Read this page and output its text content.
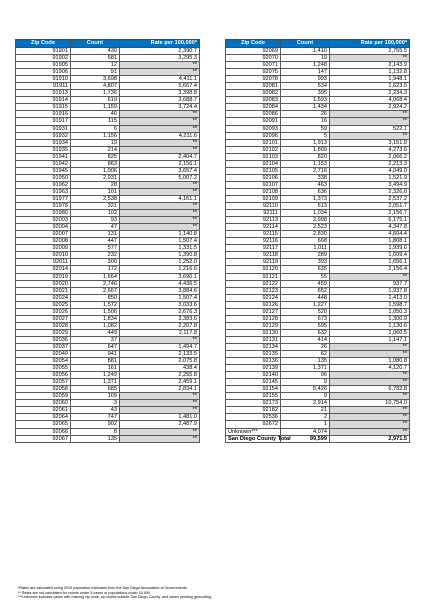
Zip Code	Count	Rate per 100,000*
91901	430	2,390.7
91902	581	3,295.3
91905	12	**
91906	91	**
91910	3,698	4,411.1
91911	4,807	5,667.4
91913	1,736	3,398.8
91914	619	3,688.7
91915	1,159	3,724.4
91916	40	**
91917	115	**
91931	6	**
91932	1,156	4,211.6
91934	19	**
91935	214	**
91941	825	2,404.7
91942	863	2,156.1
91945	1,006	3,657.4
91950	2,931	5,007.2
91962	28	**
91963	101	**
91977	2,538	4,161.1
91978	321	**
91980	102	**
92003	93	**
92004	47	**
92007	131	1,140.8
92008	447	1,507.4
92009	577	1,331.5
92010	232	1,390.8
92011	300	1,252.0
92014	172	1,216.6
92019	1,664	3,690.1
92020	2,746	4,436.5
92021	2,667	3,884.6
92024	850	1,507.4
92025	1,572	3,033.6
92026	1,506	2,676.3
92027	1,834	3,383.6
92028	1,082	2,207.8
92029	449	2,117.8
92036	37	**
92037	647	1,494.7
92040	941	2,133.5
92054	881	2,075.8
92055	161	438.4
92056	1,249	2,255.8
92057	1,371	2,459.1
92058	685	2,834.1
92059	109	**
92060	3	**
92061	43	**
92064	747	1,481.0
92065	902	2,487.9
92066	8	**
92067	135	**
Zip Code	Count	Rate per 100,000*
92069	1,410	2,755.5
92070	19	**
92071	1,248	2,143.9
92075	147	1,132.8
92078	993	1,948.1
92081	534	1,623.5
92082	395	2,234.3
92083	1,593	4,068.4
92084	1,434	2,924.2
92086	26	**
92091	16	**
92093	59	522.1
92096	5	**
92101	1,913	3,151.9
92102	1,809	4,273.6
92103	820	2,066.2
92104	1,153	2,213.3
92105	2,716	4,049.0
92106	338	1,521.9
92107	463	3,494.9
92108	636	2,326.0
92109	1,373	2,537.2
92110	613	2,051.7
92111	1,034	2,156.7
92113	2,998	6,175.1
92114	2,523	4,347.8
92115	2,830	4,604.4
92116	668	1,808.1
92117	1,011	1,939.6
92118	289	1,609.4
92119	393	1,656.1
92120	635	2,156.4
92121	55	**
92122	459	937.7
92123	652	1,937.8
92124	448	1,413.0
92126	1,227	1,598.7
92127	520	1,050.3
92128	673	1,300.9
92129	595	1,130.6
92130	632	1,060.5
92131	414	1,147.1
92134	26	**
92135	62	**
92136	135	1,080.8
92139	1,371	4,120.7
92140	96	**
92145	9	**
92154	5,426	6,782.8
92155	9	**
92173	2,914	10,754.0
92182	21	**
92536	2	**
92672	1	**
Unknown***	4,074	**
San Diego County Total	99,599	2,971.5
*Rates are calculated using 2019 population estimates from the San Diego Association of Governments.
** Rates are not calculated for counts under 5 cases or populations under 10,000.
***Unknown includes cases with missing zip code, zip codes outside San Diego County, and cases pending geocoding.
